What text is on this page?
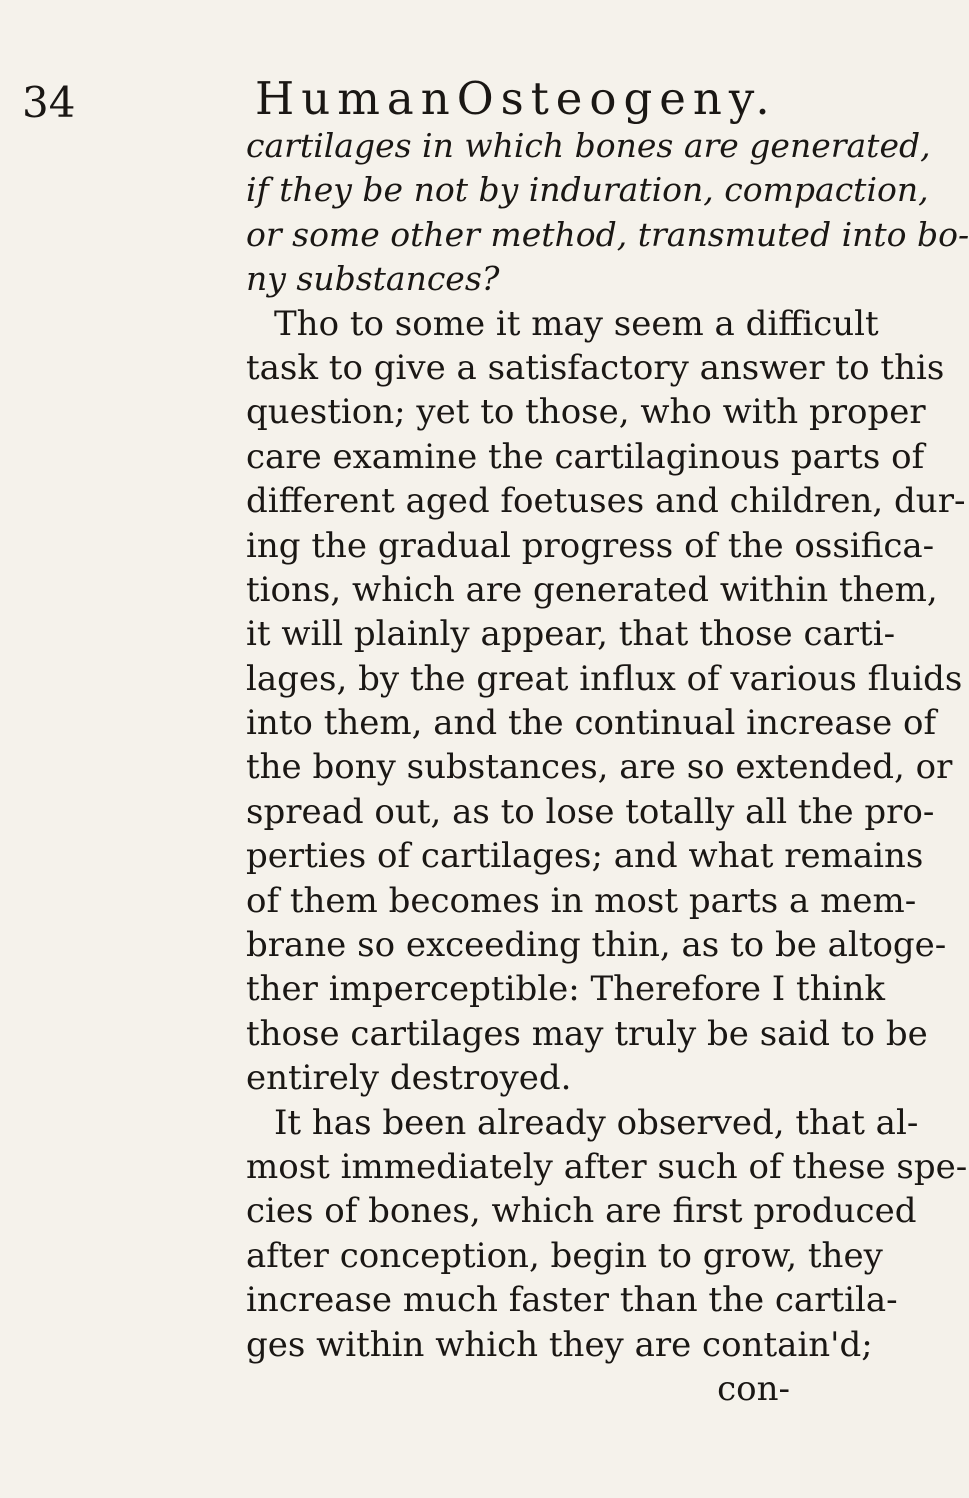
34	HumanOsteogeny.
cartilages in which bones are generated,
if they be not by induration, compaction,
or some other method, transmuted into bo-
ny substances?
Tho to some it may seem a difficult
task to give a satisfactory answer to this
question; yet to those, who with proper
care examine the cartilaginous parts of
different aged foetuses and children, dur-
ing the gradual progress of the ossifica-
tions, which are generated within them,
it will plainly appear, that those carti-
lages, by the great influx of various fluids
into them, and the continual increase of
the bony substances, are so extended, or
spread out, as to lose totally all the pro-
perties of cartilages; and what remains
of them becomes in most parts a mem-
brane so exceeding thin, as to be altoge-
ther imperceptible: Therefore I think
those cartilages may truly be said to be
entirely destroyed.
It has been already observed, that al-
most immediately after such of these spe-
cies of bones, which are first produced
after conception, begin to grow, they
increase much faster than the cartila-
ges within which they are contain'd;
con-
